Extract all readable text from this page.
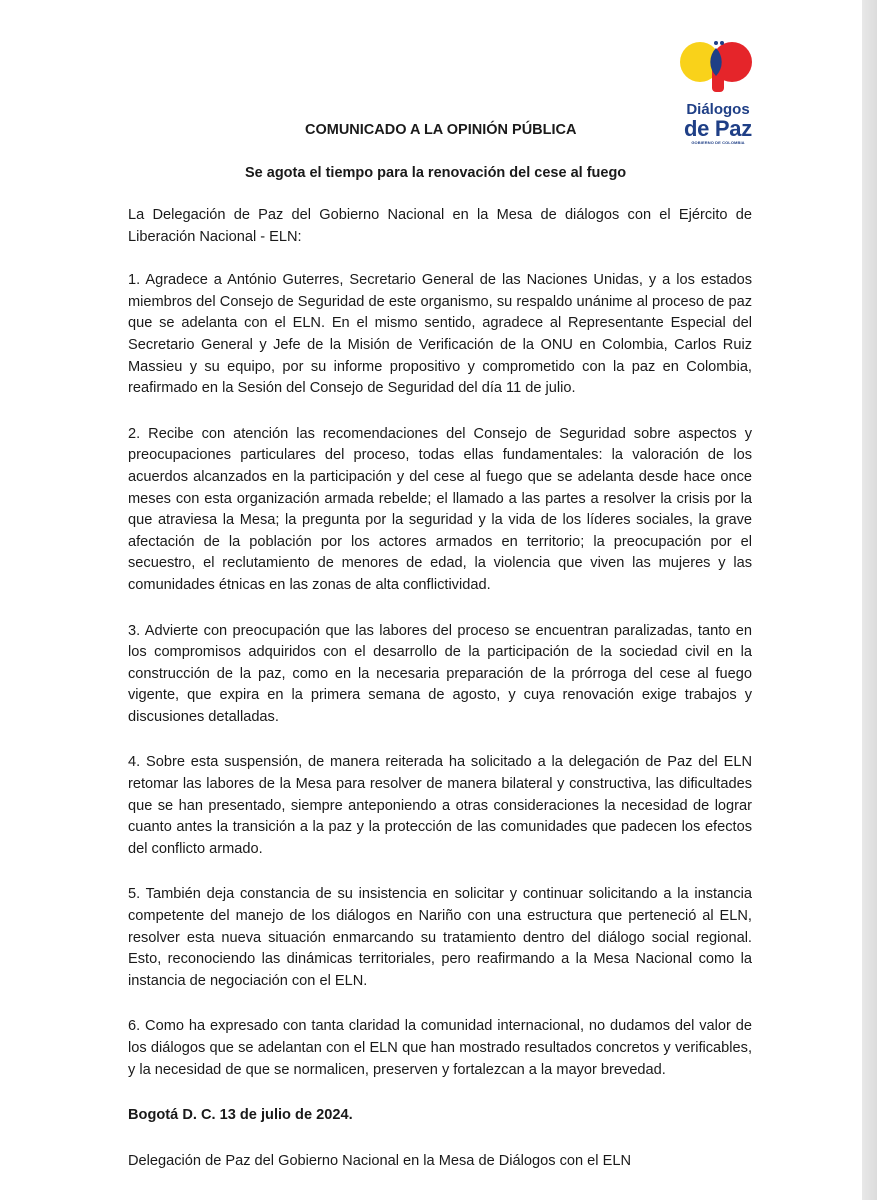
Diálogos
de Paz
GOBIERNO DE COLOMBIA
COMUNICADO A LA OPINIÓN PÚBLICA
Se agota el tiempo para la renovación del cese al fuego

La Delegación de Paz del Gobierno Nacional en la Mesa de diálogos con el Ejército de Liberación Nacional - ELN:

1. Agradece a António Guterres, Secretario General de las Naciones Unidas, y a los estados miembros del Consejo de Seguridad de este organismo, su respaldo unánime al proceso de paz que se adelanta con el ELN. En el mismo sentido, agradece al Representante Especial del Secretario General y Jefe de la Misión de Verificación de la ONU en Colombia, Carlos Ruiz Massieu y su equipo, por su informe propositivo y comprometido con la paz en Colombia, reafirmado en la Sesión del Consejo de Seguridad del día 11 de julio.

2. Recibe con atención las recomendaciones del Consejo de Seguridad sobre aspectos y preocupaciones particulares del proceso, todas ellas fundamentales: la valoración de los acuerdos alcanzados en la participación y del cese al fuego que se adelanta desde hace once meses con esta organización armada rebelde; el llamado a las partes a resolver la crisis por la que atraviesa la Mesa; la pregunta por la seguridad y la vida de los líderes sociales, la grave afectación de la población por los actores armados en territorio; la preocupación por el secuestro, el reclutamiento de menores de edad, la violencia que viven las mujeres y las comunidades étnicas en las zonas de alta conflictividad.

3. Advierte con preocupación que las labores del proceso se encuentran paralizadas, tanto en los compromisos adquiridos con el desarrollo de la participación de la sociedad civil en la construcción de la paz, como en la necesaria preparación de la prórroga del cese al fuego vigente, que expira en la primera semana de agosto, y cuya renovación exige trabajos y discusiones detalladas.

4. Sobre esta suspensión, de manera reiterada ha solicitado a la delegación de Paz del ELN retomar las labores de la Mesa para resolver de manera bilateral y constructiva, las dificultades que se han presentado, siempre anteponiendo a otras consideraciones la necesidad de lograr cuanto antes la transición a la paz y la protección de las comunidades que padecen los efectos del conflicto armado.

5. También deja constancia de su insistencia en solicitar y continuar solicitando a la instancia competente del manejo de los diálogos en Nariño con una estructura que perteneció al ELN, resolver esta nueva situación enmarcando su tratamiento dentro del diálogo social regional. Esto, reconociendo las dinámicas territoriales, pero reafirmando a la Mesa Nacional como la instancia de negociación con el ELN.

6. Como ha expresado con tanta claridad la comunidad internacional, no dudamos del valor de los diálogos que se adelantan con el ELN que han mostrado resultados concretos y verificables, y la necesidad de que se normalicen, preserven y fortalezcan a la mayor brevedad.

Bogotá D. C. 13 de julio de 2024.

Delegación de Paz del Gobierno Nacional en la Mesa de Diálogos con el ELN
